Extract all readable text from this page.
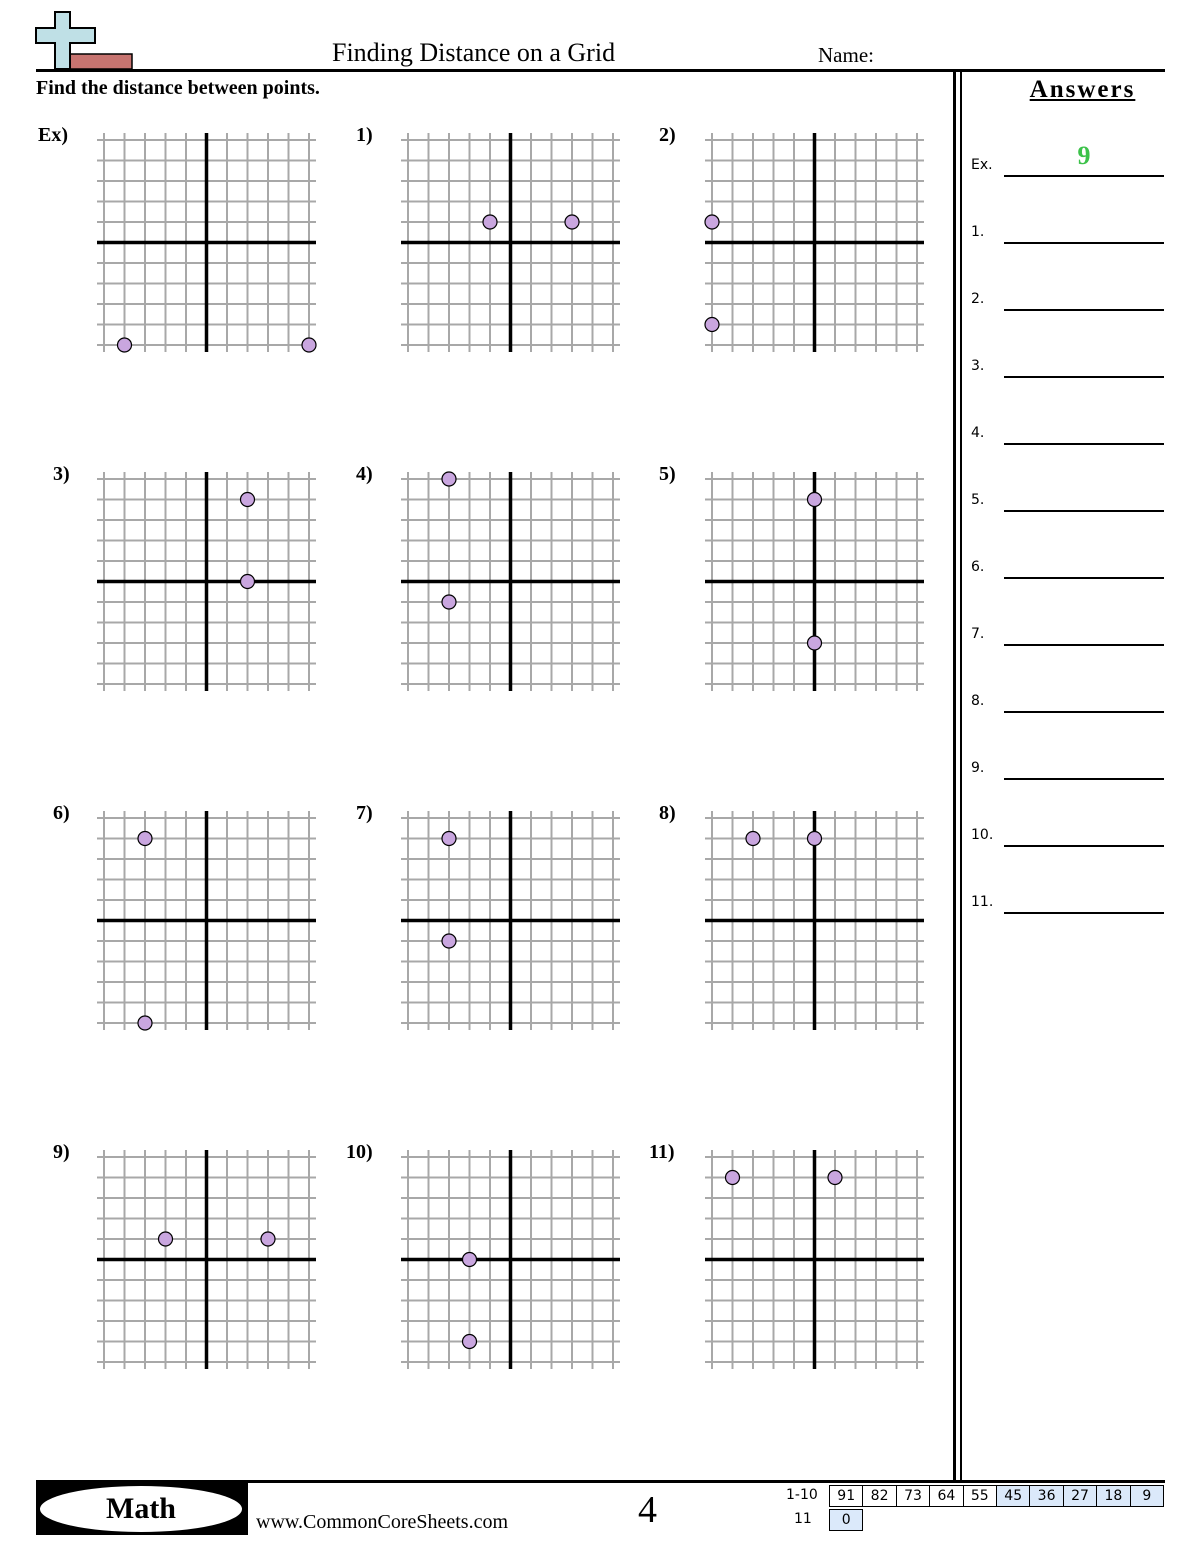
Finding Distance on a Grid	Name:
Find the distance between points.	Answers
Ex.	9
1.
2.
3.
4.
5.
6.
7.
8.
9.
10.
11.
Ex)	1)	2)
3)	4)	5)
6)	7)	8)
9)	10)	11)
Math	www.CommonCoreSheets.com	4	1-10	91	82	73	64	55	45	36	27	18	9
11	0
